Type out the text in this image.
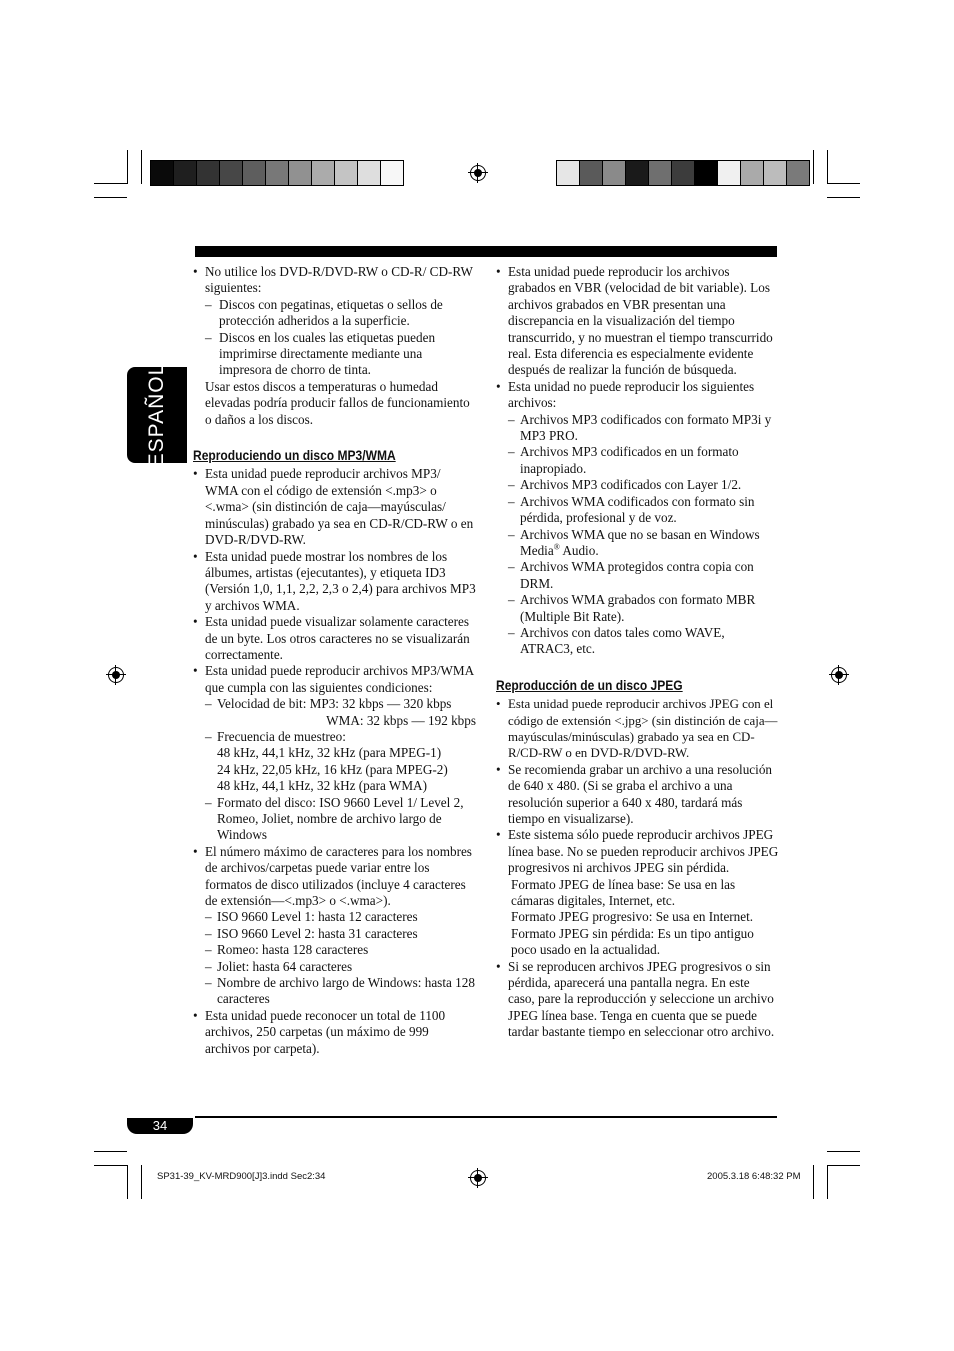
ESPAÑOL

• No utilice los DVD-R/DVD-RW o CD-R/ CD-RW siguientes:

– Discos con pegatinas, etiquetas o sellos de protección adheridos a la superficie.

– Discos en los cuales las etiquetas pueden imprimirse directamente mediante una impresora de chorro de tinta.

Usar estos discos a temperaturas o humedad elevadas podría producir fallos de funcionamiento o daños a los discos.

Reproduciendo un disco MP3/WMA

• Esta unidad puede reproducir archivos MP3/ WMA con el código de extensión <.mp3> o <.wma> (sin distinción de caja—mayúsculas/ minúsculas) grabado ya sea en CD-R/CD-RW o en DVD-R/DVD-RW.

• Esta unidad puede mostrar los nombres de los álbumes, artistas (ejecutantes), y etiqueta ID3 (Versión 1,0, 1,1, 2,2, 2,3 o 2,4) para archivos MP3 y archivos WMA.

• Esta unidad puede visualizar solamente caracteres de un byte. Los otros caracteres no se visualizarán correctamente.

• Esta unidad puede reproducir archivos MP3/WMA que cumpla con las siguientes condiciones:

– Velocidad de bit: MP3: 32 kbps — 320 kbps

WMA: 32 kbps — 192 kbps

– Frecuencia de muestreo:

48 kHz, 44,1 kHz, 32 kHz (para MPEG-1)

24 kHz, 22,05 kHz, 16 kHz (para MPEG-2)

48 kHz, 44,1 kHz, 32 kHz (para WMA)

– Formato del disco: ISO 9660 Level 1/ Level 2, Romeo, Joliet, nombre de archivo largo de Windows

• El número máximo de caracteres para los nombres de archivos/carpetas puede variar entre los formatos de disco utilizados (incluye 4 caracteres de extensión—<.mp3> o <.wma>).

– ISO 9660 Level 1: hasta 12 caracteres

– ISO 9660 Level 2: hasta 31 caracteres

– Romeo: hasta 128 caracteres

– Joliet: hasta 64 caracteres

– Nombre de archivo largo de Windows: hasta 128 caracteres

• Esta unidad puede reconocer un total de 1100 archivos, 250 carpetas (un máximo de 999 archivos por carpeta).

• Esta unidad puede reproducir los archivos grabados en VBR (velocidad de bit variable). Los archivos grabados en VBR presentan una discrepancia en la visualización del tiempo transcurrido, y no muestran el tiempo transcurrido real. Esta diferencia es especialmente evidente después de realizar la función de búsqueda.

• Esta unidad no puede reproducir los siguientes archivos:

– Archivos MP3 codificados con formato MP3i y MP3 PRO.

– Archivos MP3 codificados en un formato inapropiado.

– Archivos MP3 codificados con Layer 1/2.

– Archivos WMA codificados con formato sin pérdida, profesional y de voz.

– Archivos WMA que no se basan en Windows Media® Audio.

– Archivos WMA protegidos contra copia con DRM.

– Archivos WMA grabados con formato MBR (Multiple Bit Rate).

– Archivos con datos tales como WAVE, ATRAC3, etc.

Reproducción de un disco JPEG

• Esta unidad puede reproducir archivos JPEG con el código de extensión <.jpg> (sin distinción de caja—mayúsculas/minúsculas) grabado ya sea en CD-R/CD-RW o en DVD-R/DVD-RW.

• Se recomienda grabar un archivo a una resolución de 640 x 480. (Si se graba el archivo a una resolución superior a 640 x 480, tardará más tiempo en visualizarse).

• Este sistema sólo puede reproducir archivos JPEG línea base. No se pueden reproducir archivos JPEG progresivos ni archivos JPEG sin pérdida.

Formato JPEG de línea base: Se usa en las cámaras digitales, Internet, etc.

Formato JPEG progresivo: Se usa en Internet.

Formato JPEG sin pérdida: Es un tipo antiguo poco usado en la actualidad.

• Si se reproducen archivos JPEG progresivos o sin pérdida, aparecerá una pantalla negra. En este caso, pare la reproducción y seleccione un archivo JPEG línea base. Tenga en cuenta que se puede tardar bastante tiempo en seleccionar otro archivo.

34
SP31-39_KV-MRD900[J]3.indd Sec2:34	2005.3.18 6:48:32 PM
